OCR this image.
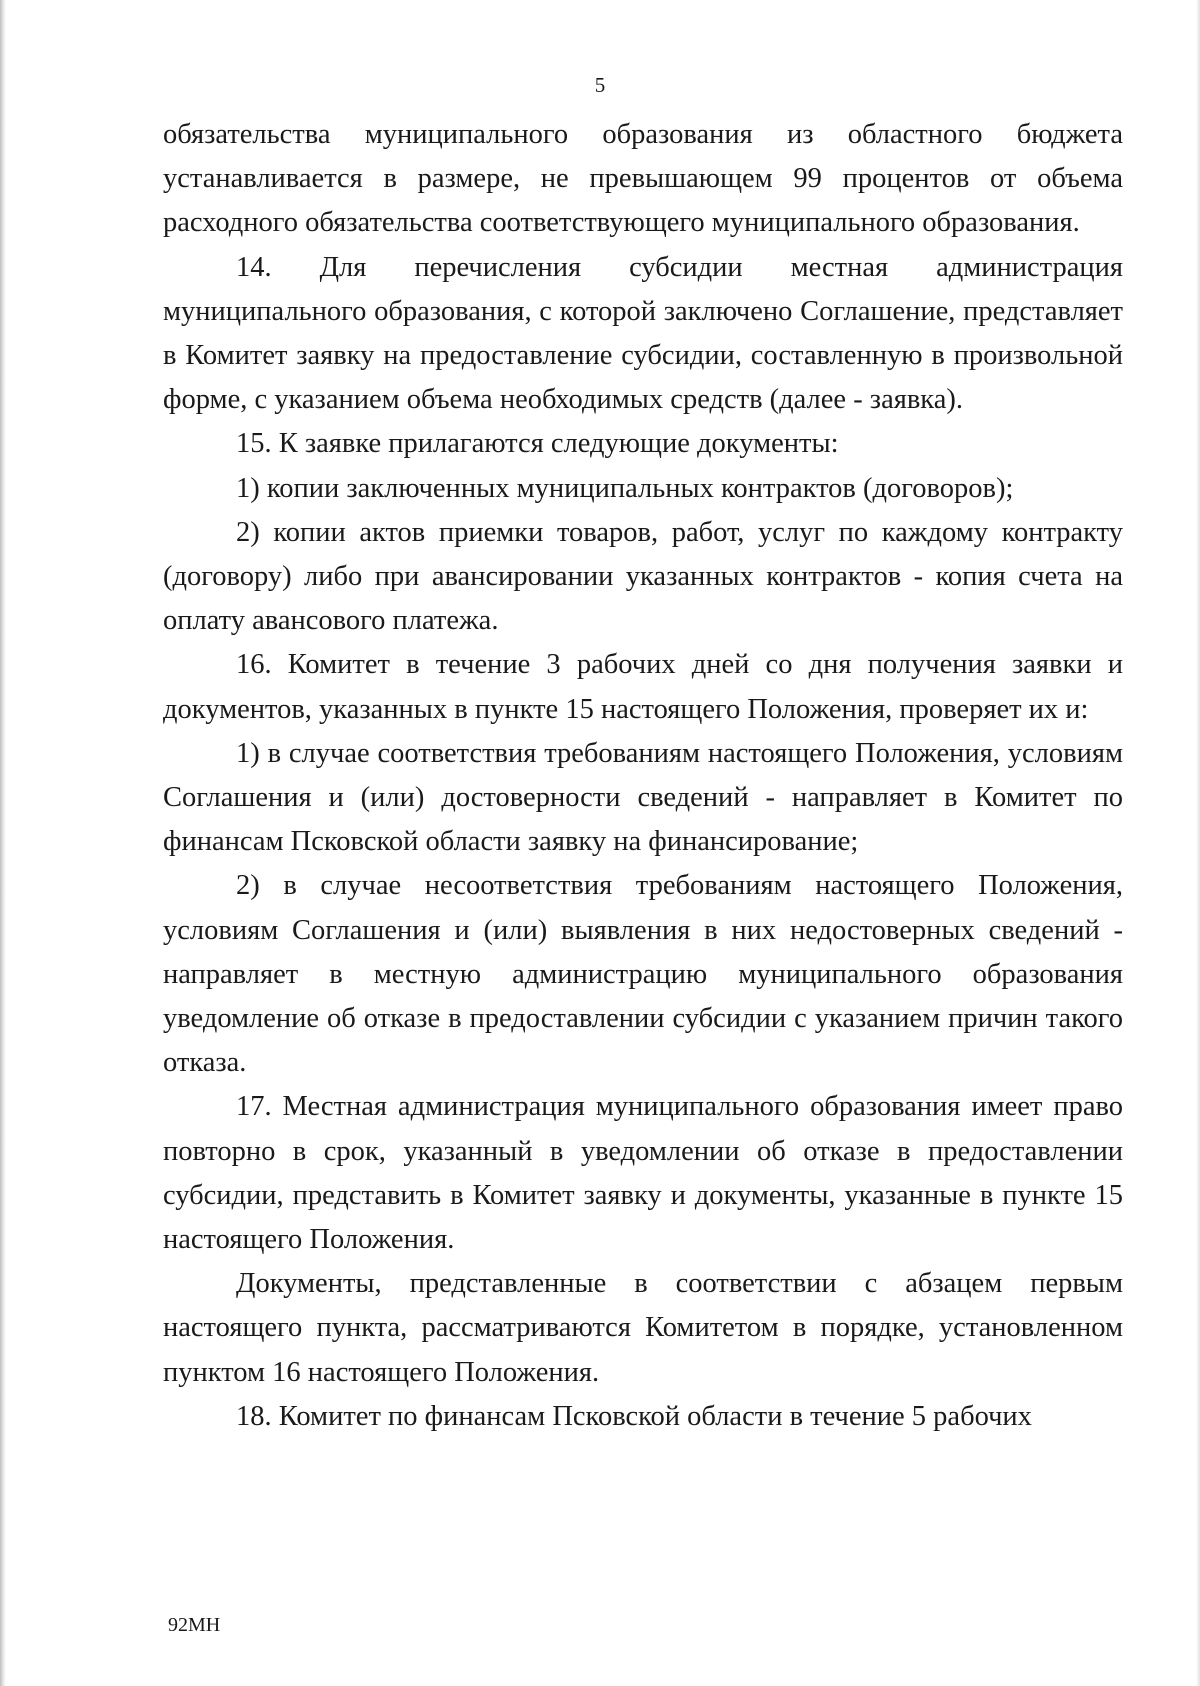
5

обязательства муниципального образования из областного бюджета устанавливается в размере, не превышающем 99 процентов от объема расходного обязательства соответствующего муниципального образования.

14. Для перечисления субсидии местная администрация муниципального образования, с которой заключено Соглашение, представляет в Комитет заявку на предоставление субсидии, составленную в произвольной форме, с указанием объема необходимых средств (далее - заявка).

15. К заявке прилагаются следующие документы:

1) копии заключенных муниципальных контрактов (договоров);

2) копии актов приемки товаров, работ, услуг по каждому контракту (договору) либо при авансировании указанных контрактов - копия счета на оплату авансового платежа.

16. Комитет в течение 3 рабочих дней со дня получения заявки и документов, указанных в пункте 15 настоящего Положения, проверяет их и:

1) в случае соответствия требованиям настоящего Положения, условиям Соглашения и (или) достоверности сведений - направляет в Комитет по финансам Псковской области заявку на финансирование;

2) в случае несоответствия требованиям настоящего Положения, условиям Соглашения и (или) выявления в них недостоверных сведений - направляет в местную администрацию муниципального образования уведомление об отказе в предоставлении субсидии с указанием причин такого отказа.

17. Местная администрация муниципального образования имеет право повторно в срок, указанный в уведомлении об отказе в предоставлении субсидии, представить в Комитет заявку и документы, указанные в пункте 15 настоящего Положения.

Документы, представленные в соответствии с абзацем первым настоящего пункта, рассматриваются Комитетом в порядке, установленном пунктом 16 настоящего Положения.

18. Комитет по финансам Псковской области в течение 5 рабочих

92МН
